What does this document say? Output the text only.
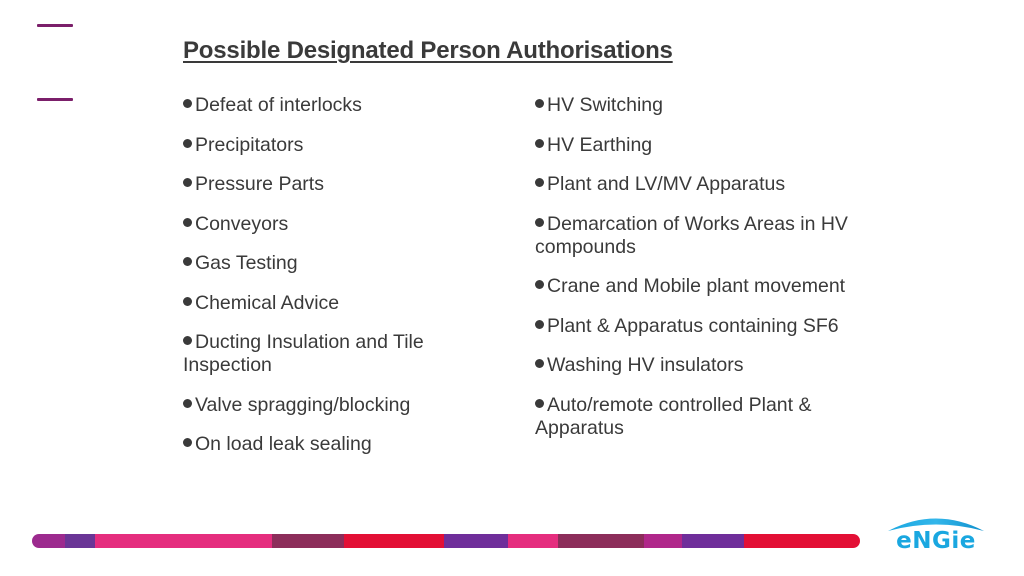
Possible Designated Person Authorisations
Defeat of interlocks
Precipitators
Pressure Parts
Conveyors
Gas Testing
Chemical Advice
Ducting Insulation and Tile Inspection
Valve spragging/blocking
On load leak sealing
HV Switching
HV Earthing
Plant and LV/MV Apparatus
Demarcation of Works Areas in HV compounds
Crane and Mobile plant movement
Plant & Apparatus containing SF6
Washing HV insulators
Auto/remote controlled Plant & Apparatus
eNGie
